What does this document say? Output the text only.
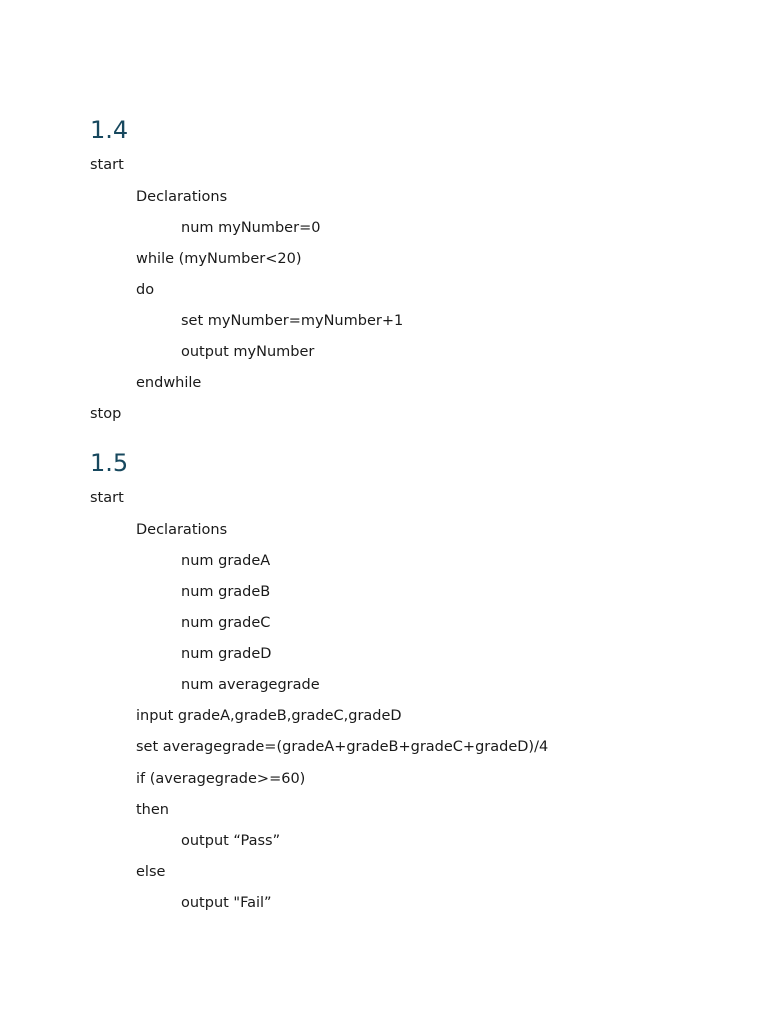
1.4
start
Declarations
num myNumber=0
while (myNumber<20)
do
set myNumber=myNumber+1
output myNumber
endwhile
stop
1.5
start
Declarations
num gradeA
num gradeB
num gradeC
num gradeD
num averagegrade
input gradeA,gradeB,gradeC,gradeD
set averagegrade=(gradeA+gradeB+gradeC+gradeD)/4
if (averagegrade>=60)
then
output “Pass”
else
output "Fail”
